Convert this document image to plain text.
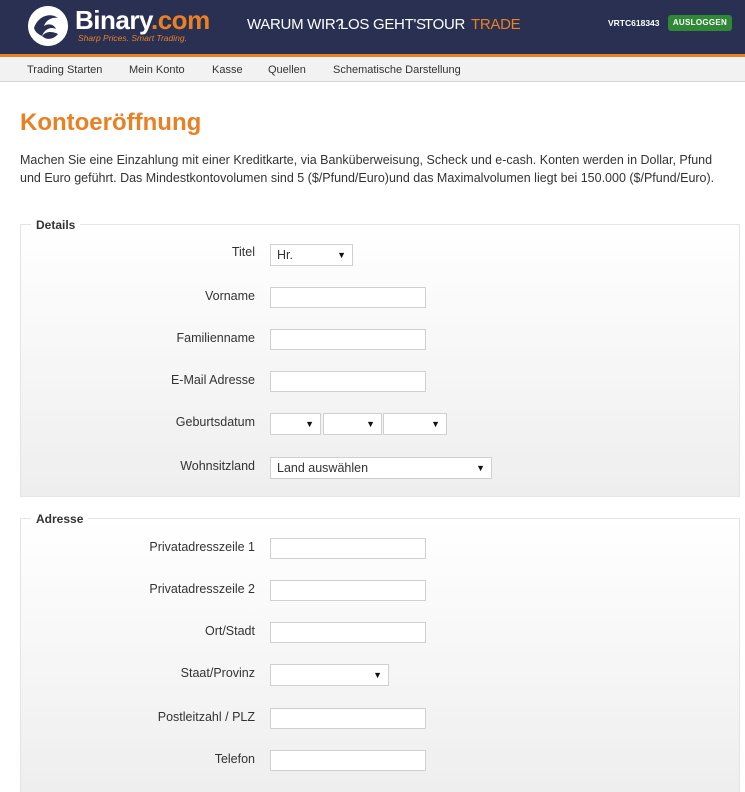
Binary.com
Sharp Prices. Smart Trading.
WARUM WIR?
LOS GEHT'S
TOUR TRADE	VRTC618343	AUSLOGGEN
Trading Starten Mein Konto Kasse Quellen Schematische Darstellung
Kontoeröffnung
Machen Sie eine Einzahlung mit einer Kreditkarte, via Banküberweisung, Scheck und e-cash. Konten werden in Dollar, Pfund und Euro geführt. Das Mindestkontovolumen sind 5 ($/Pfund/Euro)und das Maximalvolumen liegt bei 150.000 ($/Pfund/Euro).
Details
Titel	Hr.	▼
Vorname
Familienname
E-Mail Adresse
Geburtsdatum	▼	▼	▼
Wohnsitzland	Land auswählen	▼
Adresse
Privatadresszeile 1
Privatadresszeile 2
Ort/Stadt
Staat/Provinz	▼
Postleitzahl / PLZ
Telefon
